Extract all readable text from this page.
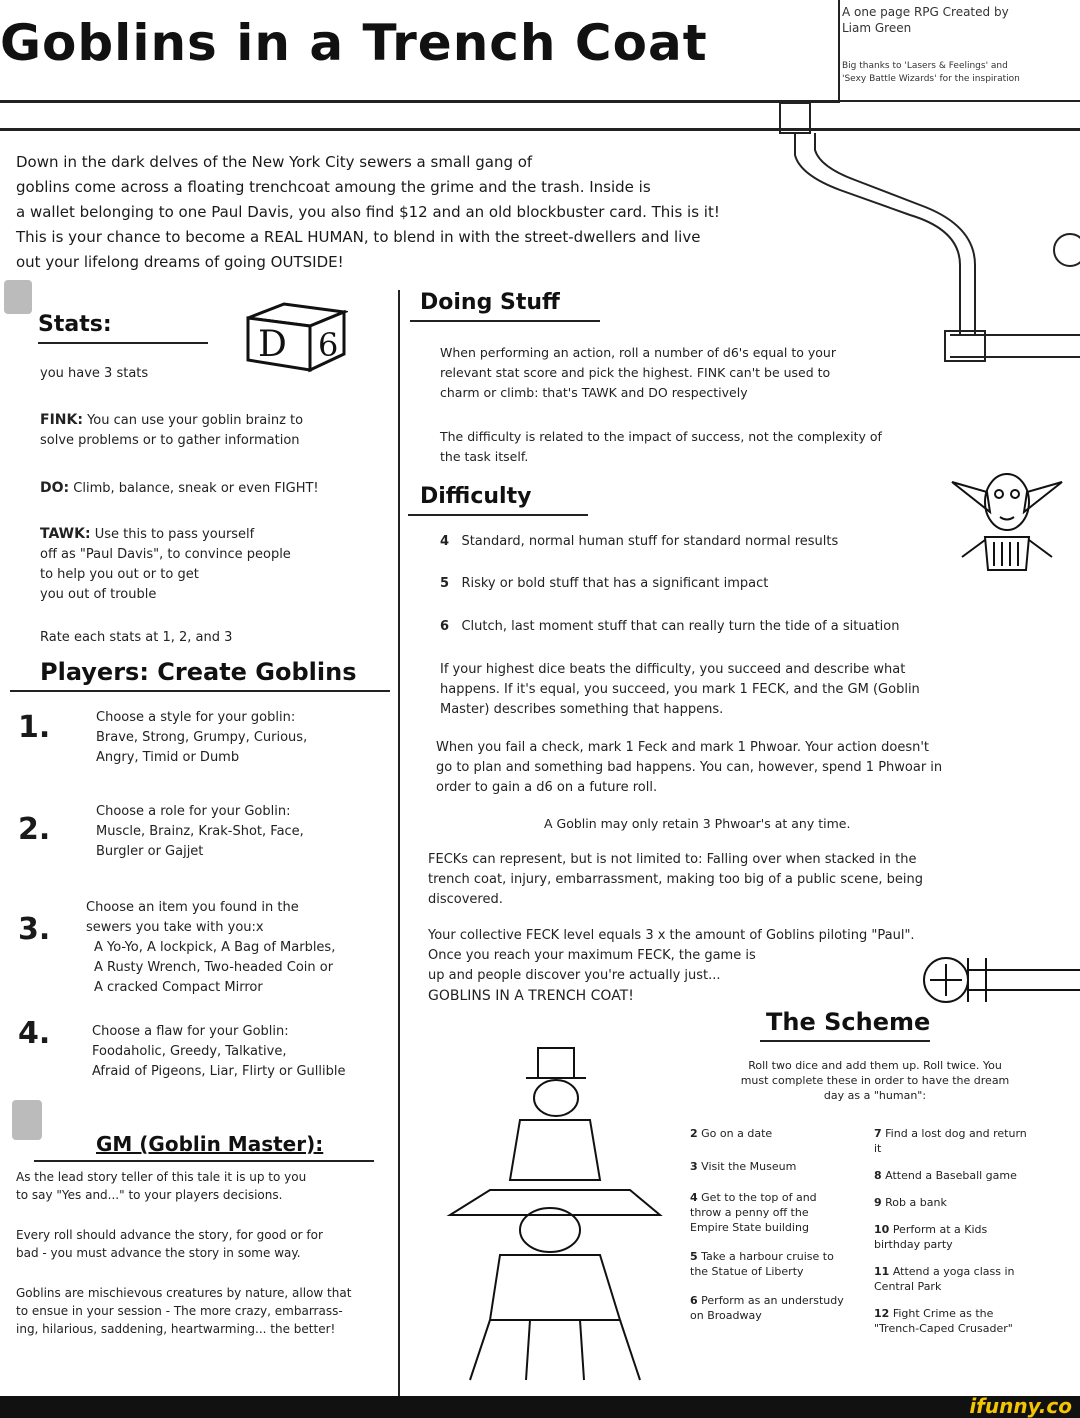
Goblins in a Trench Coat
A one page RPG Created by
Liam Green
Big thanks to 'Lasers & Feelings' and
'Sexy Battle Wizards' for the inspiration
Down in the dark delves of the New York City sewers a small gang of
goblins come across a floating trenchcoat amoung the grime and the trash. Inside is
a wallet belonging to one Paul Davis, you also find $12 and an old blockbuster card. This is it!
This is your chance to become a REAL HUMAN, to blend in with the street-dwellers and live
out your lifelong dreams of going OUTSIDE!
Stats:	D 6
you have 3 stats
FINK: You can use your goblin brainz to
solve problems or to gather information
DO: Climb, balance, sneak or even FIGHT!
TAWK: Use this to pass yourself
off as "Paul Davis", to convince people
to help you out or to get
you out of trouble
Rate each stats at 1, 2, and 3
Players: Create Goblins
1.	Choose a style for your goblin:
Brave, Strong, Grumpy, Curious,
Angry, Timid or Dumb
2.
Choose a role for your Goblin:
Muscle, Brainz, Krak-Shot, Face,
Burgler or Gajjet
Choose an item you found in the
3.	sewers you take with you:x
A Yo-Yo, A lockpick, A Bag of Marbles,
A Rusty Wrench, Two-headed Coin or
A cracked Compact Mirror
4.	Choose a flaw for your Goblin:
Foodaholic, Greedy, Talkative,
Afraid of Pigeons, Liar, Flirty or Gullible
GM (Goblin Master):
As the lead story teller of this tale it is up to you
to say "Yes and..." to your players decisions.
Every roll should advance the story, for good or for
bad - you must advance the story in some way.
Goblins are mischievous creatures by nature, allow that
to ensue in your session - The more crazy, embarrass-
ing, hilarious, saddening, heartwarming... the better!
Doing Stuff
When performing an action, roll a number of d6's equal to your
relevant stat score and pick the highest. FINK can't be used to
charm or climb: that's TAWK and DO respectively
The difficulty is related to the impact of success, not the complexity of
the task itself.
Difficulty
4 Standard, normal human stuff for standard normal results
5 Risky or bold stuff that has a significant impact
6 Clutch, last moment stuff that can really turn the tide of a situation
If your highest dice beats the difficulty, you succeed and describe what
happens. If it's equal, you succeed, you mark 1 FECK, and the GM (Goblin
Master) describes something that happens.
When you fail a check, mark 1 Feck and mark 1 Phwoar. Your action doesn't
go to plan and something bad happens. You can, however, spend 1 Phwoar in
order to gain a d6 on a future roll.
A Goblin may only retain 3 Phwoar's at any time.
FECKs can represent, but is not limited to: Falling over when stacked in the
trench coat, injury, embarrassment, making too big of a public scene, being
discovered.
Your collective FECK level equals 3 x the amount of Goblins piloting "Paul".
Once you reach your maximum FECK, the game is
up and people discover you're actually just...
GOBLINS IN A TRENCH COAT!
The Scheme
Roll two dice and add them up. Roll twice. You
must complete these in order to have the dream
day as a "human":
2 Go on a date
3 Visit the Museum
4 Get to the top of and throw a penny off the Empire State building
5 Take a harbour cruise to the Statue of Liberty
6 Perform as an understudy on Broadway
7 Find a lost dog and return it
8 Attend a Baseball game
9 Rob a bank
10 Perform at a Kids birthday party
11 Attend a yoga class in Central Park
12 Fight Crime as the "Trench-Caped Crusader"
ifunny.co
